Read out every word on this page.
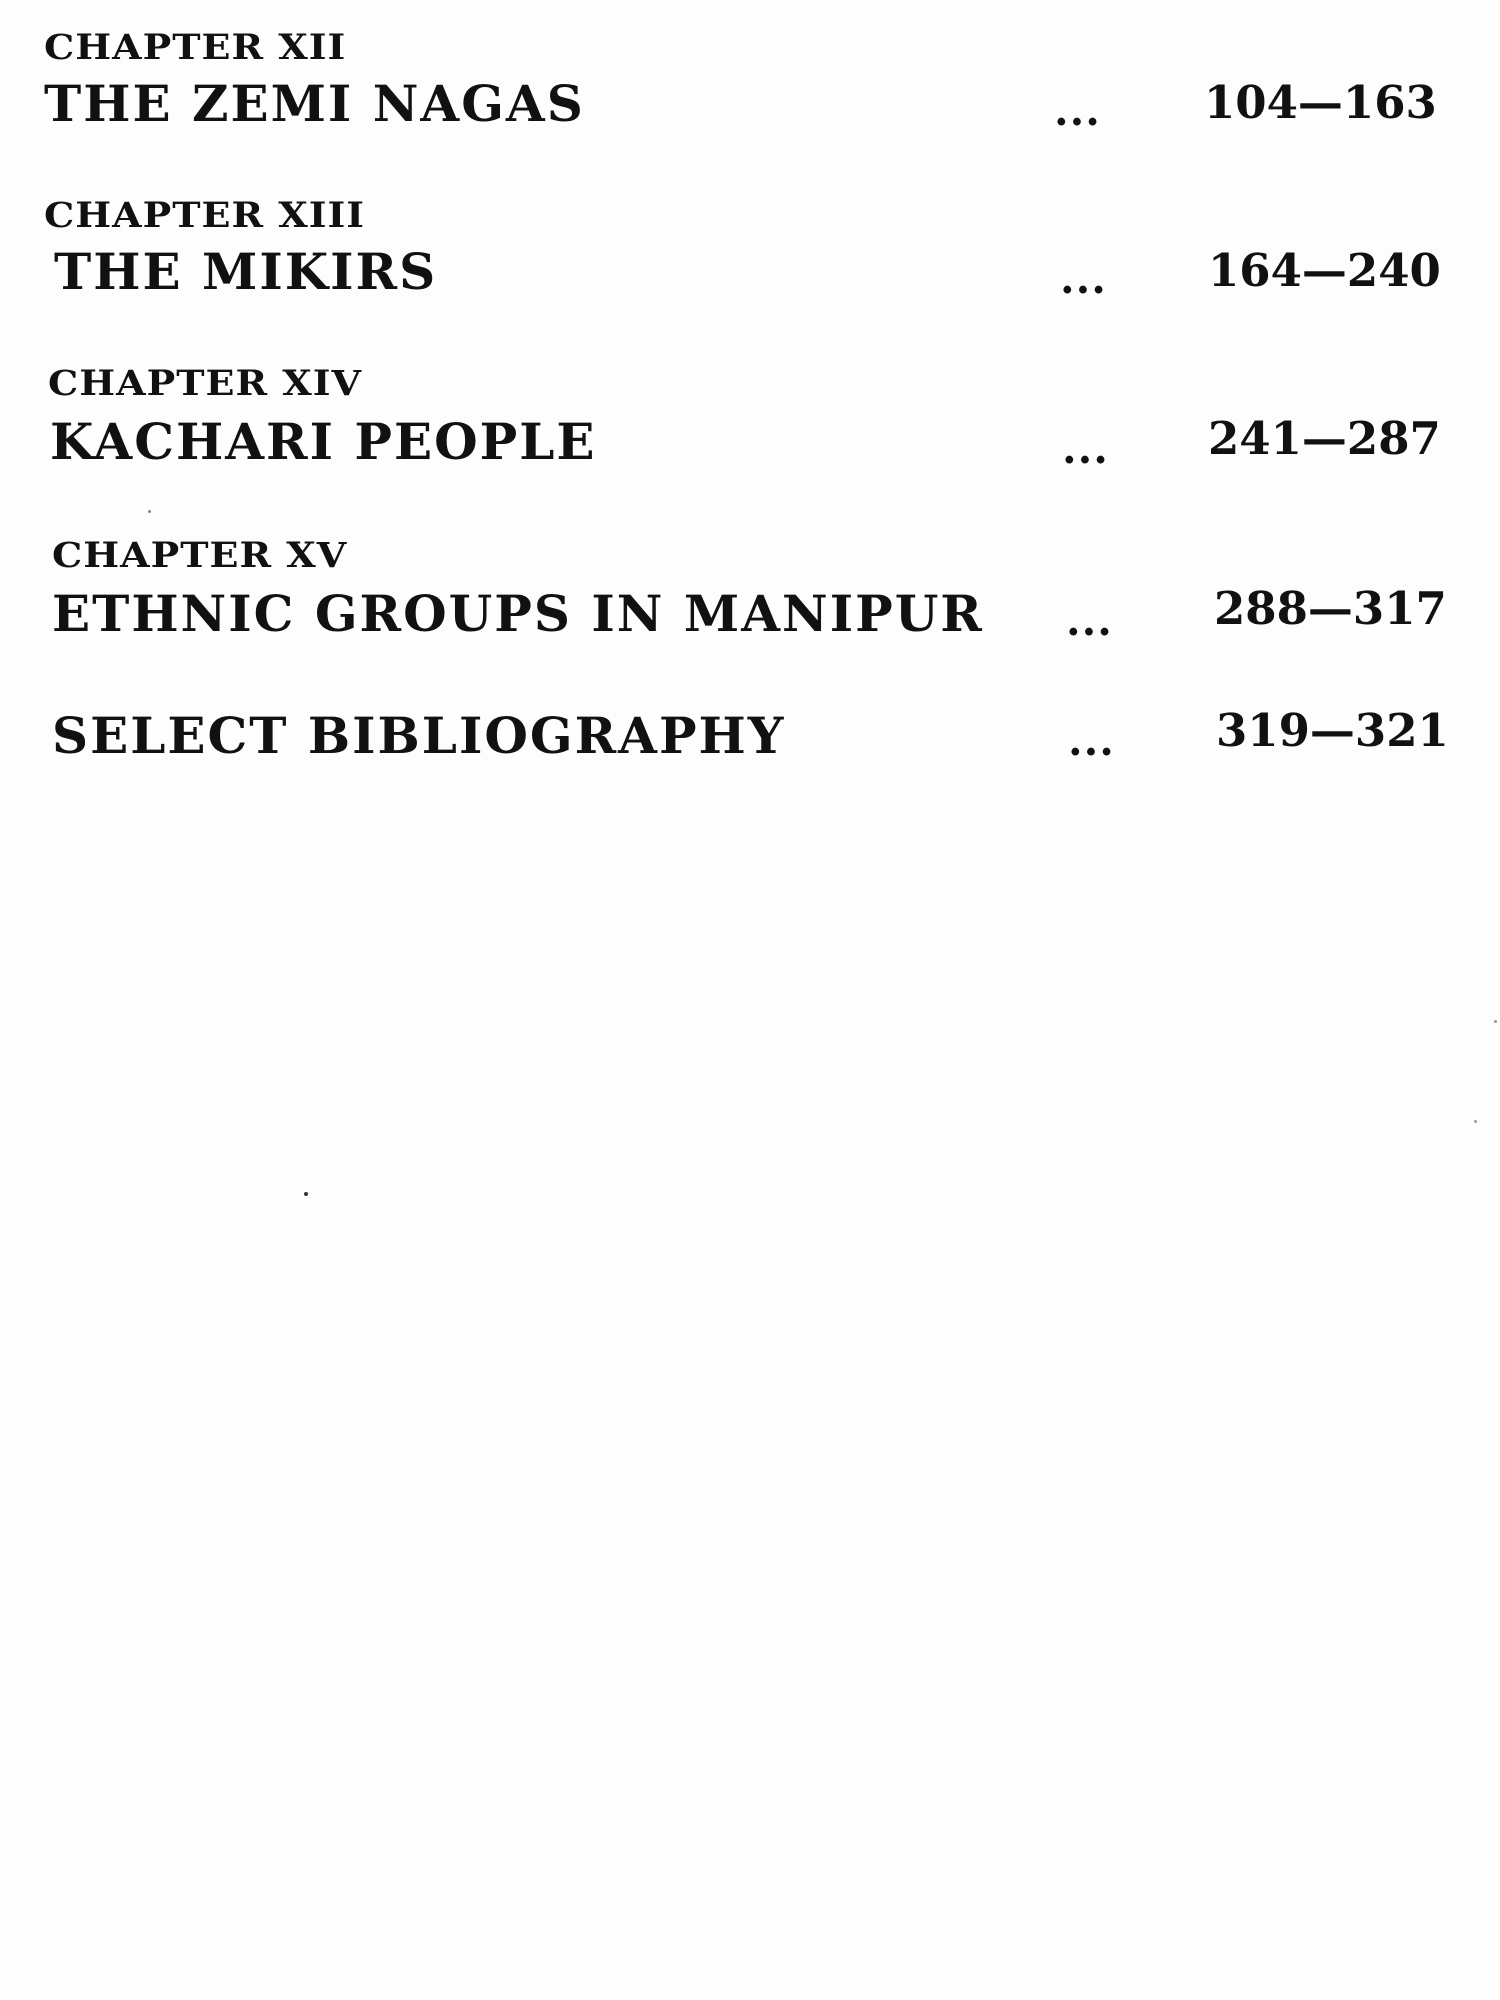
CHAPTER XII
THE ZEMI NAGAS	... 104—163
CHAPTER XIII
THE MIKIRS	... 164—240
CHAPTER XIV
KACHARI PEOPLE	... 241—287
CHAPTER XV
ETHNIC GROUPS IN MANIPUR ... 288—317
SELECT BIBLIOGRAPHY	... 319—321
